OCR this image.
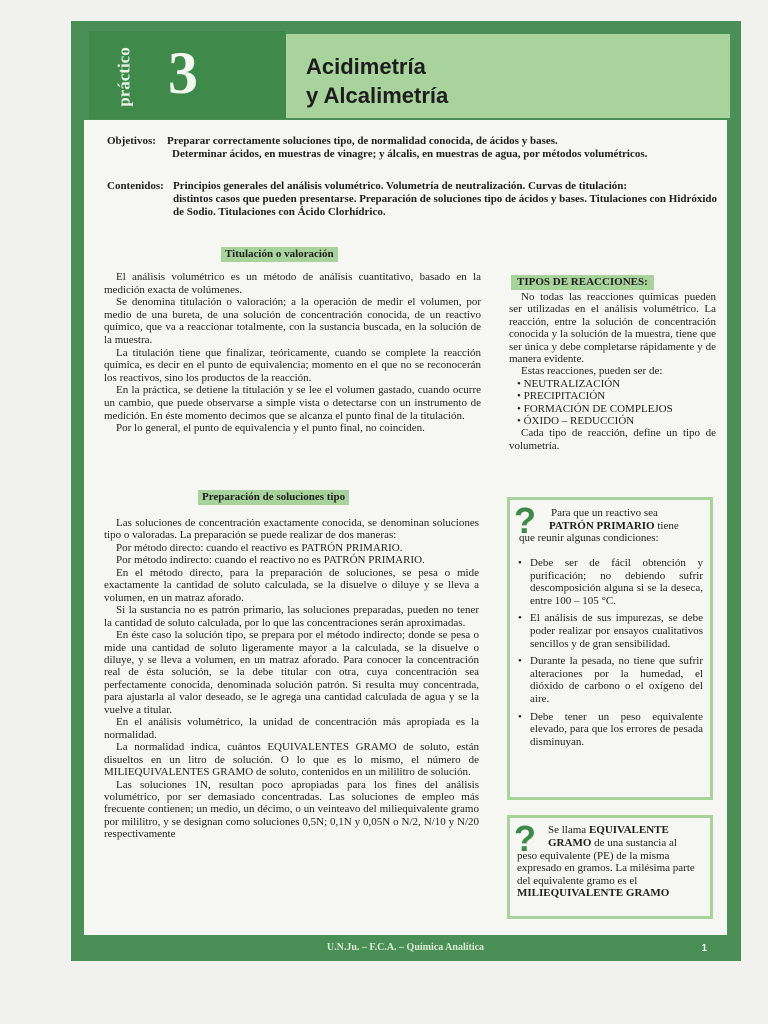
práctico 3	Acidimetría
y Alcalimetría
Objetivos:	Preparar correctamente soluciones tipo, de normalidad conocida, de ácidos y bases.
Determinar ácidos, en muestras de vinagre; y álcalis, en muestras de agua, por métodos volumétricos.
Contenidos: Principios generales del análisis volumétrico. Volumetría de neutralización. Curvas de titulación:
distintos casos que pueden presentarse. Preparación de soluciones tipo de ácidos y bases. Titulaciones con Hidróxido de Sodio. Titulaciones con Ácido Clorhídrico.
Titulación o valoración

El análisis volumétrico es un método de análisis cuantitativo, basado en la medición exacta de volúmenes.

Se denomina titulación o valoración; a la operación de medir el volumen, por medio de una bureta, de una solución de concentración conocida, de un reactivo químico, que va a reaccionar totalmente, con la sustancia buscada, en la solución de la muestra.

La titulación tiene que finalizar, teóricamente, cuando se complete la reacción química, es decir en el punto de equivalencia; momento en el que no se reconocerán los reactivos, sino los productos de la reacción.

En la práctica, se detiene la titulación y se lee el volumen gastado, cuando ocurre un cambio, que puede observarse a simple vista o detectarse con un instrumento de medición. En éste momento decimos que se alcanza el punto final de la titulación.

Por lo general, el punto de equivalencia y el punto final, no coinciden.

Preparación de soluciones tipo

Las soluciones de concentración exactamente conocida, se denominan soluciones tipo o valoradas. La preparación se puede realizar de dos maneras:

Por método directo: cuando el reactivo es PATRÓN PRIMARIO.

Por método indirecto: cuando el reactivo no es PATRÓN PRIMARIO.

En el método directo, para la preparación de soluciones, se pesa o mide exactamente la cantidad de soluto calculada, se la disuelve o diluye y se lleva a volumen, en un matraz aforado.

Si la sustancia no es patrón primario, las soluciones preparadas, pueden no tener la cantidad de soluto calculada, por lo que las concentraciones serán aproximadas.

En éste caso la solución tipo, se prepara por el método indirecto; donde se pesa o mide una cantidad de soluto ligeramente mayor a la calculada, se la disuelve o diluye, y se lleva a volumen, en un matraz aforado. Para conocer la concentración real de ésta solución, se la debe titular con otra, cuya concentración sea perfectamente conocida, denominada solución patrón. Si resulta muy concentrada, para ajustarla al valor deseado, se le agrega una cantidad calculada de agua y se la vuelve a titular.

En el análisis volumétrico, la unidad de concentración más apropiada es la normalidad.

La normalidad indica, cuántos EQUIVALENTES GRAMO de soluto, están disueltos en un litro de solución. O lo que es lo mismo, el número de MILIEQUIVALENTES GRAMO de soluto, contenidos en un mililitro de solución.

Las soluciones 1N, resultan poco apropiadas para los fines del análisis volumétrico, por ser demasiado concentradas. Las soluciones de empleo más frecuente contienen; un medio, un décimo, o un veinteavo del miliequivalente gramo por mililitro, y se designan como soluciones 0,5N; 0,1N y 0,05N o N/2, N/10 y N/20 respectivamente

TIPOS DE REACCIONES:

No todas las reacciones químicas pueden ser utilizadas en el análisis volumétrico. La reacción, entre la solución de concentración conocida y la solución de la muestra, tiene que ser única y debe completarse rápidamente y de manera evidente.

Estas reacciones, pueden ser de:

• NEUTRALIZACIÓN
• PRECIPITACIÓN
• FORMACIÓN DE COMPLEJOS
• ÓXIDO – REDUCCIÓN

Cada tipo de reacción, define un tipo de volumetría.

? Para que un reactivo sea
PATRÓN PRIMARIO tiene
que reunir algunas condiciones:
• Debe ser de fácil obtención y purificación; no debiendo sufrir descomposición alguna si se la deseca, entre 100 – 105 °C.
• El análisis de sus impurezas, se debe poder realizar por ensayos cualitativos sencillos y de gran sensibilidad.
• Durante la pesada, no tiene que sufrir alteraciones por la humedad, el dióxido de carbono o el oxígeno del aire.
• Debe tener un peso equivalente elevado, para que los errores de pesada disminuyan.
? Se llama EQUIVALENTE
GRAMO de una sustancia al
peso equivalente (PE) de la misma expresado en gramos. La milésima parte del equivalente gramo es el MILIEQUIVALENTE GRAMO
U.N.Ju. – F.C.A. – Química Analítica	1
